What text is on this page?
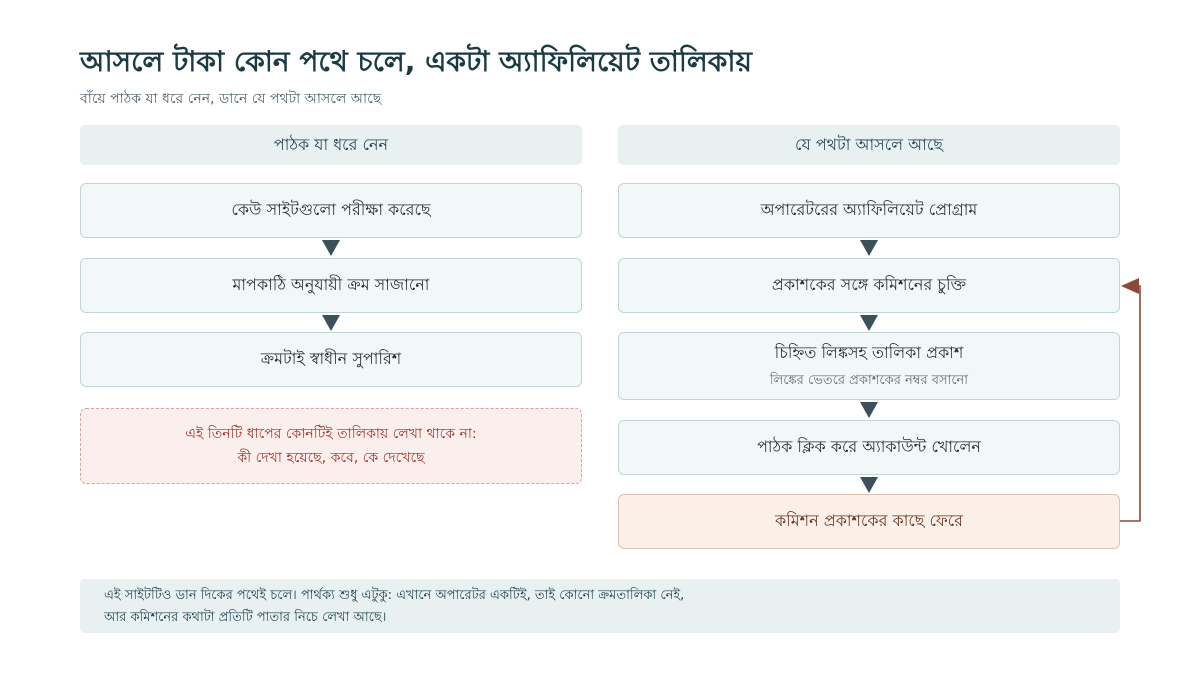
আসলে টাকা কোন পথে চলে, একটা অ্যাফিলিয়েট তালিকায়
বাঁয়ে পাঠক যা ধরে নেন, ডানে যে পথটা আসলে আছে
পাঠক যা ধরে নেন
কেউ সাইটগুলো পরীক্ষা করেছে
মাপকাঠি অনুযায়ী ক্রম সাজানো
ক্রমটাই স্বাধীন সুপারিশ
এই তিনটি ধাপের কোনটিই তালিকায় লেখা থাকে না:
কী দেখা হয়েছে, কবে, কে দেখেছে
যে পথটা আসলে আছে
অপারেটরের অ্যাফিলিয়েট প্রোগ্রাম
প্রকাশকের সঙ্গে কমিশনের চুক্তি
চিহ্নিত লিঙ্কসহ তালিকা প্রকাশ
লিঙ্কের ভেতরে প্রকাশকের নম্বর বসানো
পাঠক ক্লিক করে অ্যাকাউন্ট খোলেন
কমিশন প্রকাশকের কাছে ফেরে
এই সাইটটিও ডান দিকের পথেই চলে। পার্থক্য শুধু এটুকু: এখানে অপারেটর একটিই, তাই কোনো ক্রমতালিকা নেই,
আর কমিশনের কথাটা প্রতিটি পাতার নিচে লেখা আছে।
